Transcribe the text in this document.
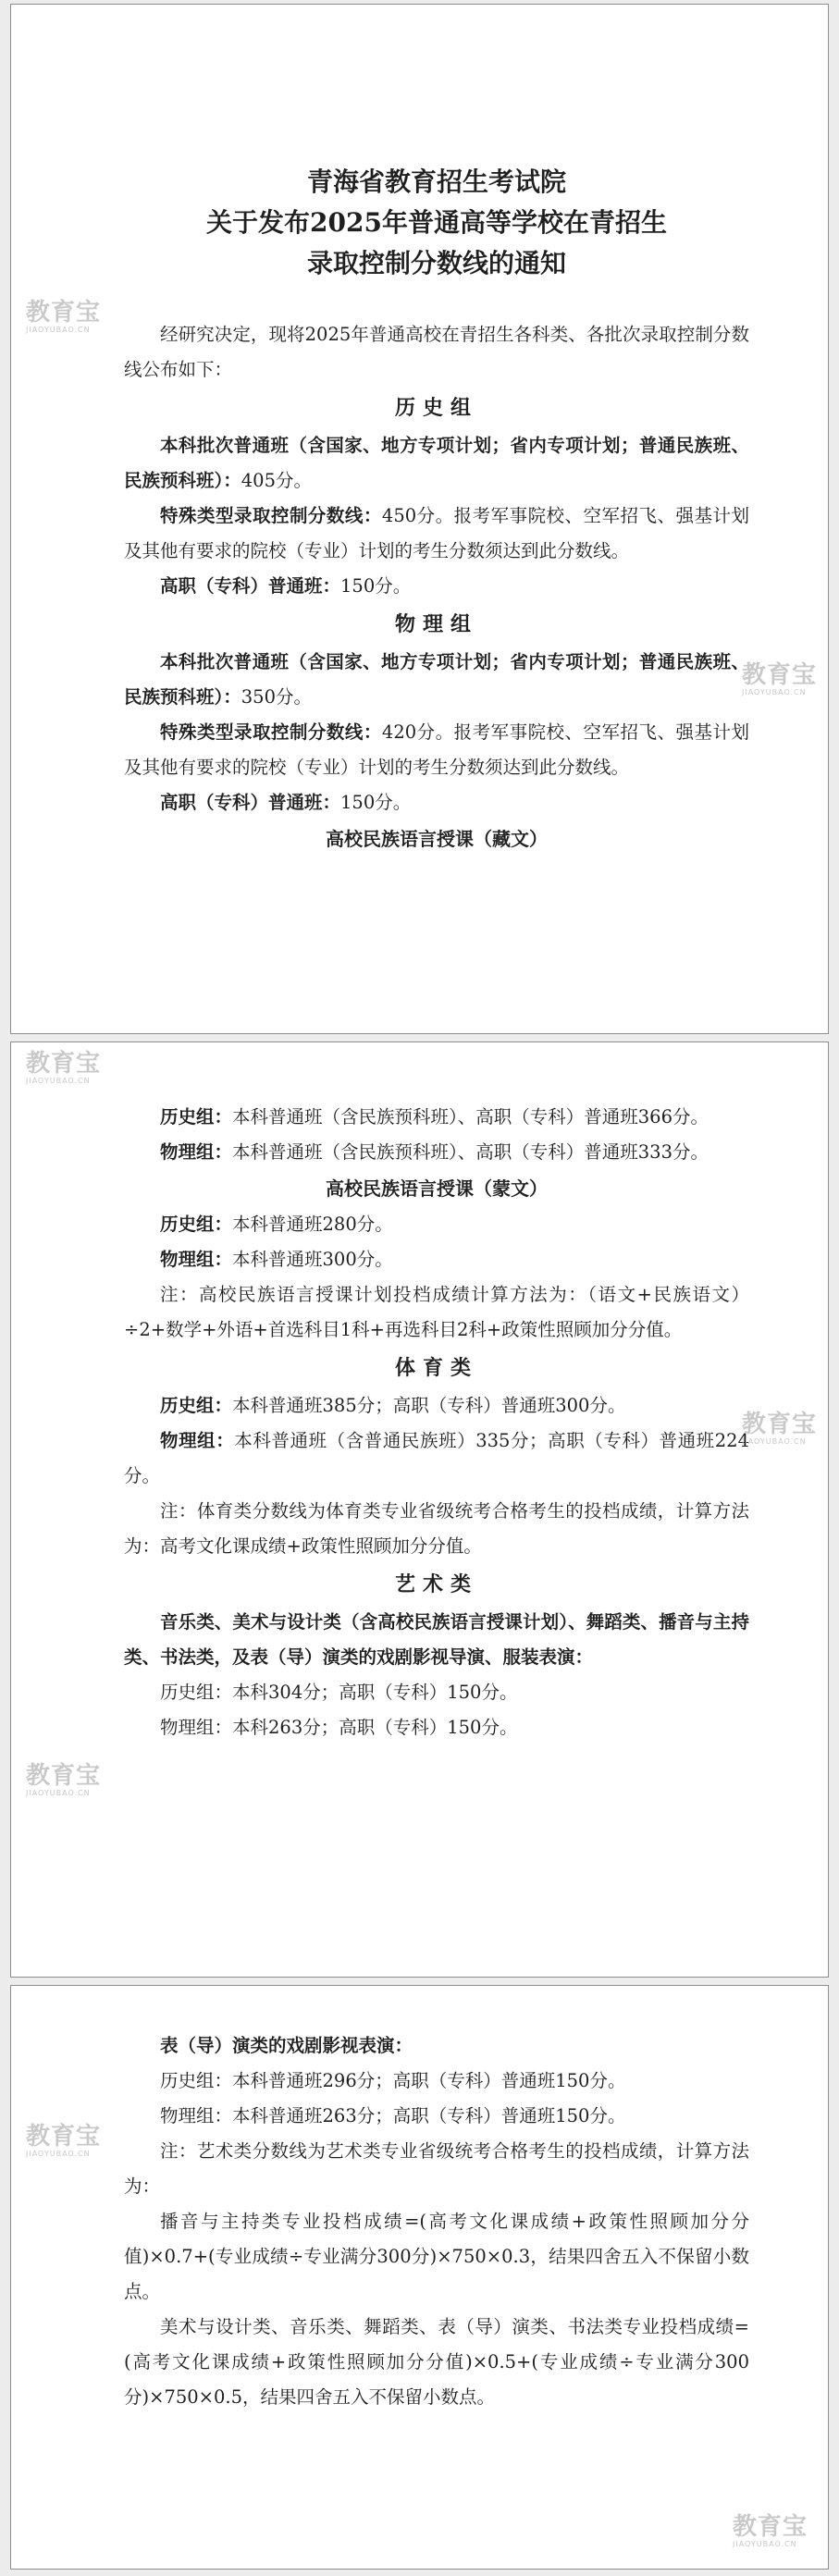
青海省教育招生考试院
关于发布2025年普通高等学校在青招生
录取控制分数线的通知

经研究决定，现将2025年普通高校在青招生各科类、各批次录取控制分数线公布如下：

历史组

本科批次普通班（含国家、地方专项计划；省内专项计划；普通民族班、民族预科班）：405分。

特殊类型录取控制分数线：450分。报考军事院校、空军招飞、强基计划及其他有要求的院校（专业）计划的考生分数须达到此分数线。

高职（专科）普通班：150分。

物理组

本科批次普通班（含国家、地方专项计划；省内专项计划；普通民族班、民族预科班）：350分。

特殊类型录取控制分数线：420分。报考军事院校、空军招飞、强基计划及其他有要求的院校（专业）计划的考生分数须达到此分数线。

高职（专科）普通班：150分。

高校民族语言授课（藏文）
教育宝
JIAOYUBAO.CN
教育宝
JIAOYUBAO.CN

历史组：本科普通班（含民族预科班）、高职（专科）普通班366分。

物理组：本科普通班（含民族预科班）、高职（专科）普通班333分。

高校民族语言授课（蒙文）

历史组：本科普通班280分。

物理组：本科普通班300分。

注：高校民族语言授课计划投档成绩计算方法为：（语文+民族语文）÷2+数学+外语+首选科目1科+再选科目2科+政策性照顾加分分值。

体育类

历史组：本科普通班385分；高职（专科）普通班300分。

物理组：本科普通班（含普通民族班）335分；高职（专科）普通班224分。

注：体育类分数线为体育类专业省级统考合格考生的投档成绩，计算方法为：高考文化课成绩+政策性照顾加分分值。

艺术类

音乐类、美术与设计类（含高校民族语言授课计划）、舞蹈类、播音与主持类、书法类，及表（导）演类的戏剧影视导演、服装表演：

历史组：本科304分；高职（专科）150分。

物理组：本科263分；高职（专科）150分。

教育宝
JIAOYUBAO.CN
教育宝
JIAOYUBAO.CN
教育宝
JIAOYUBAO.CN

表（导）演类的戏剧影视表演：

历史组：本科普通班296分；高职（专科）普通班150分。

物理组：本科普通班263分；高职（专科）普通班150分。

注：艺术类分数线为艺术类专业省级统考合格考生的投档成绩，计算方法为：

播音与主持类专业投档成绩=(高考文化课成绩+政策性照顾加分分值)×0.7+(专业成绩÷专业满分300分)×750×0.3，结果四舍五入不保留小数点。

美术与设计类、音乐类、舞蹈类、表（导）演类、书法类专业投档成绩=(高考文化课成绩+政策性照顾加分分值)×0.5+(专业成绩÷专业满分300分)×750×0.5，结果四舍五入不保留小数点。

教育宝
JIAOYUBAO.CN
教育宝
JIAOYUBAO.CN
